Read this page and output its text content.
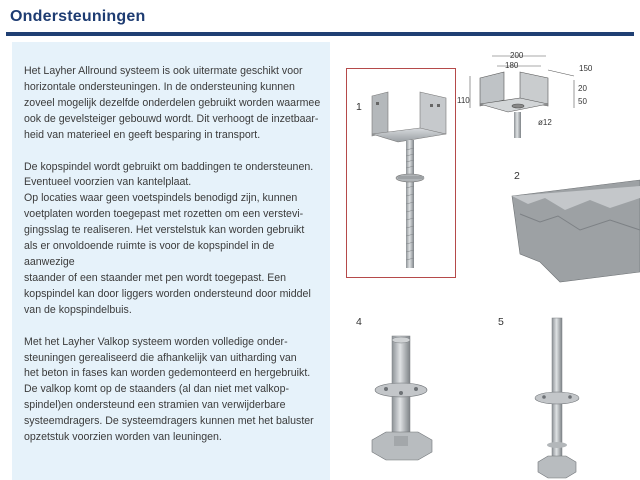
Ondersteuningen

Het Layher Allround systeem is ook uitermate geschikt voor
horizontale ondersteuningen. In de ondersteuning kunnen
zoveel mogelijk dezelfde onderdelen gebruikt worden waarmee
ook de gevelsteiger gebouwd wordt. Dit verhoogt de inzetbaar-
heid van materieel en geeft besparing in transport.

De kopspindel wordt gebruikt om baddingen te ondersteunen.
Eventueel voorzien van kantelplaat.

Op locaties waar geen voetspindels benodigd zijn, kunnen
voetplaten worden toegepast met rozetten om een verstevi-
gingsslag te realiseren. Het verstelstuk kan worden gebruikt
als er onvoldoende ruimte is voor de kopspindel in de aanwezige
staander of een staander met pen wordt toegepast. Een
kopspindel kan door liggers worden ondersteund door middel
van de kopspindelbuis.

Met het Layher Valkop systeem worden volledige onder-
steuningen gerealiseerd die afhankelijk van uitharding van
het beton in fases kan worden gedemonteerd en hergebruikt.
De valkop komt op de staanders (al dan niet met valkop-
spindel)en ondersteund een stramien van verwijderbare
systeemdragers. De systeemdragers kunnen met het baluster
opzetstuk voorzien worden van leuningen.

1
2
4	5
200
180	150
110
20
50
ø12
